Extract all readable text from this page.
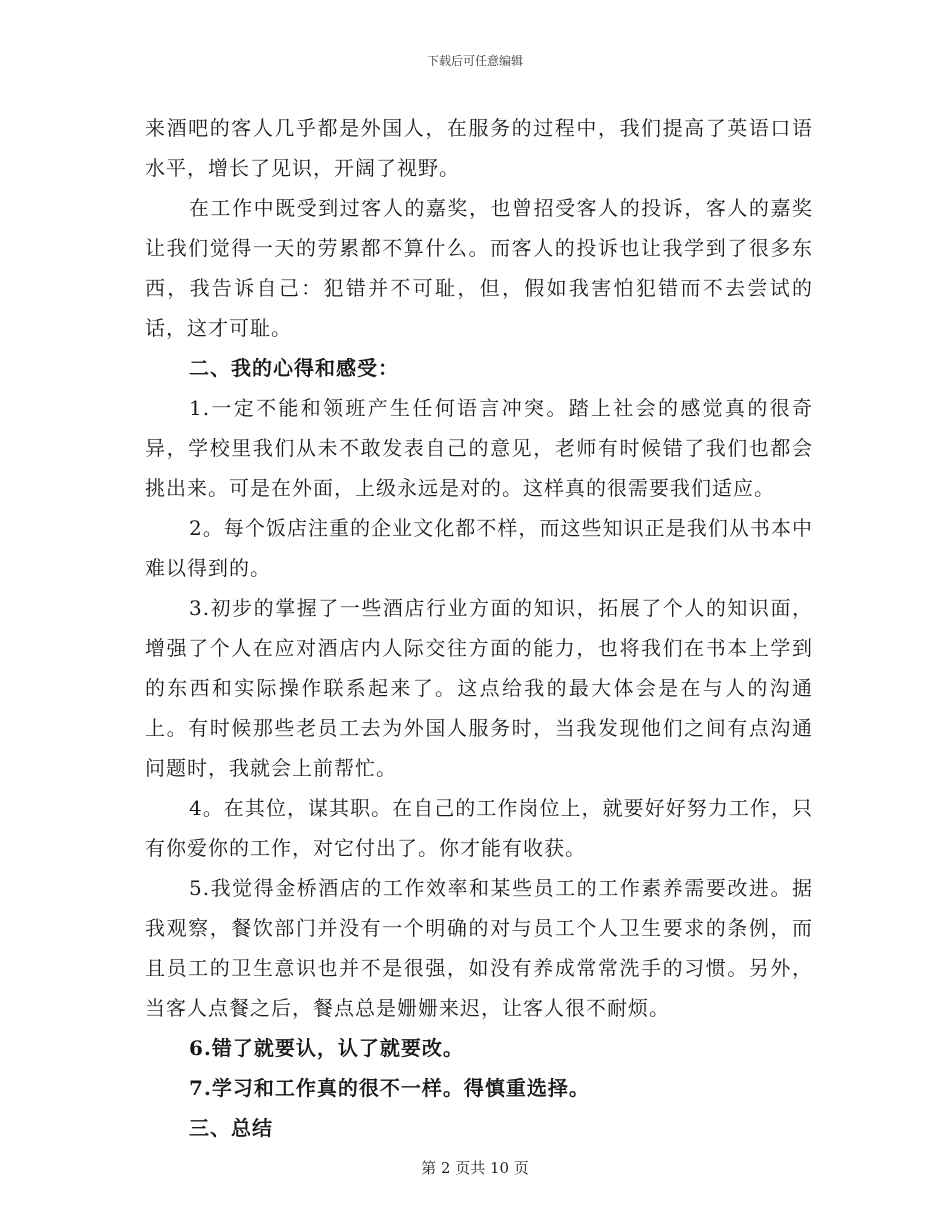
下载后可任意编辑

来酒吧的客人几乎都是外国人，在服务的过程中，我们提高了英语口语水平，增长了见识，开阔了视野。

在工作中既受到过客人的嘉奖，也曾招受客人的投诉，客人的嘉奖让我们觉得一天的劳累都不算什么。而客人的投诉也让我学到了很多东西，我告诉自己：犯错并不可耻，但，假如我害怕犯错而不去尝试的话，这才可耻。

二、我的心得和感受：

1.一定不能和领班产生任何语言冲突。踏上社会的感觉真的很奇异，学校里我们从未不敢发表自己的意见，老师有时候错了我们也都会挑出来。可是在外面，上级永远是对的。这样真的很需要我们适应。

2。每个饭店注重的企业文化都不样，而这些知识正是我们从书本中难以得到的。

3.初步的掌握了一些酒店行业方面的知识，拓展了个人的知识面，增强了个人在应对酒店内人际交往方面的能力，也将我们在书本上学到的东西和实际操作联系起来了。这点给我的最大体会是在与人的沟通上。有时候那些老员工去为外国人服务时，当我发现他们之间有点沟通问题时，我就会上前帮忙。

4。在其位，谋其职。在自己的工作岗位上，就要好好努力工作，只有你爱你的工作，对它付出了。你才能有收获。

5.我觉得金桥酒店的工作效率和某些员工的工作素养需要改进。据我观察，餐饮部门并没有一个明确的对与员工个人卫生要求的条例，而且员工的卫生意识也并不是很强，如没有养成常常洗手的习惯。另外，当客人点餐之后，餐点总是姗姗来迟，让客人很不耐烦。

6.错了就要认，认了就要改。

7.学习和工作真的很不一样。得慎重选择。

三、总结

第 2 页共 10 页
